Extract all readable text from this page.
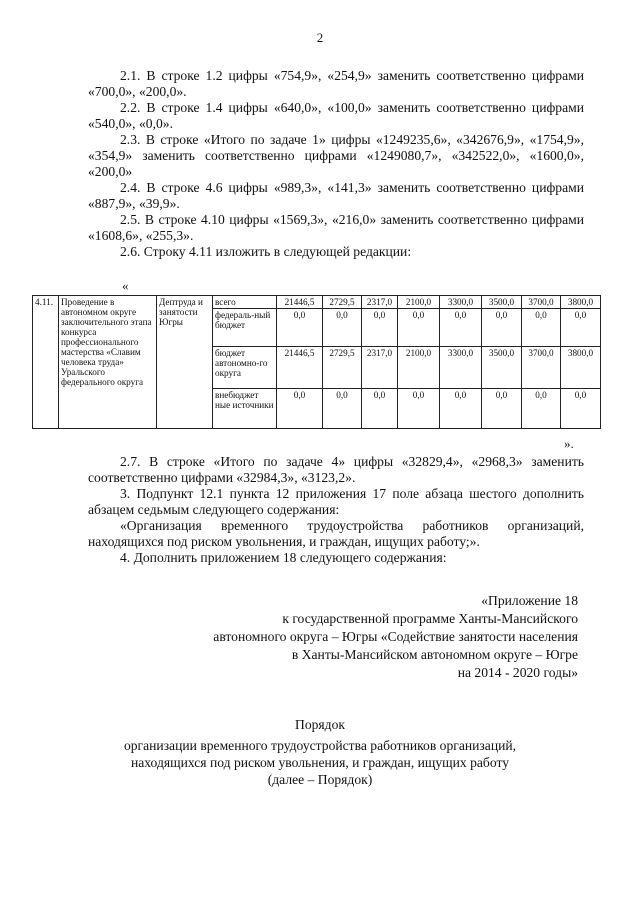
2

2.1. В строке 1.2 цифры «754,9», «254,9» заменить соответственно цифрами «700,0», «200,0».

2.2. В строке 1.4 цифры «640,0», «100,0» заменить соответственно цифрами «540,0», «0,0».

2.3. В строке «Итого по задаче 1» цифры «1249235,6», «342676,9», «1754,9», «354,9» заменить соответственно цифрами «1249080,7», «342522,0», «1600,0», «200,0»

2.4. В строке 4.6 цифры «989,3», «141,3» заменить соответственно цифрами «887,9», «39,9».

2.5. В строке 4.10 цифры «1569,3», «216,0» заменить соответственно цифрами «1608,6», «255,3».

2.6. Строку 4.11 изложить в следующей редакции:

«
4.11.	Проведение в автономном округе заключительного этапа конкурса профессионального мастерства «Славим человека труда» Уральского федерального округа	Дептруда и занятости Югры	всего	21446,5	2729,5	2317,0	2100,0	3300,0	3500,0	3700,0	3800,0
			федераль-ный бюджет	0,0	0,0	0,0	0,0	0,0	0,0	0,0	0,0
			бюджет автономно-го округа	21446,5	2729,5	2317,0	2100,0	3300,0	3500,0	3700,0	3800,0
			внебюджет ные источники	0,0	0,0	0,0	0,0	0,0	0,0	0,0	0,0
».

2.7. В строке «Итого по задаче 4» цифры «32829,4», «2968,3» заменить соответственно цифрами «32984,3», «3123,2».

3. Подпункт 12.1 пункта 12 приложения 17 поле абзаца шестого дополнить абзацем седьмым следующего содержания:

«Организация временного трудоустройства работников организаций, находящихся под риском увольнения, и граждан, ищущих работу;».

4. Дополнить приложением 18 следующего содержания:

«Приложение 18
к государственной программе Ханты-Мансийского
автономного округа – Югры «Содействие занятости населения
в Ханты-Мансийском автономном округе – Югре
на 2014 - 2020 годы»
Порядок
организации временного трудоустройства работников организаций,
находящихся под риском увольнения, и граждан, ищущих работу
(далее – Порядок)
